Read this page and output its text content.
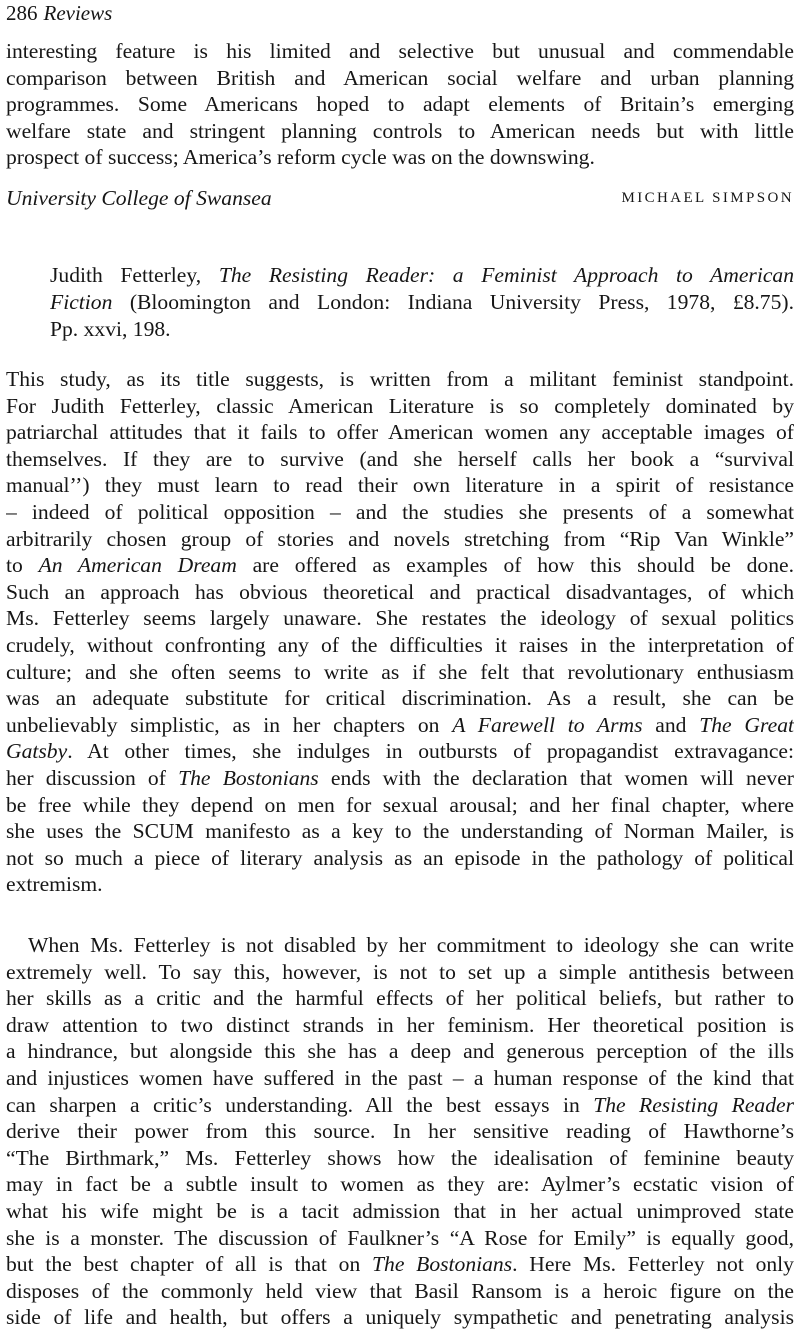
286 Reviews
interesting feature is his limited and selective but unusual and commendable
comparison between British and American social welfare and urban planning
programmes. Some Americans hoped to adapt elements of Britain’s emerging
welfare state and stringent planning controls to American needs but with little
prospect of success; America’s reform cycle was on the downswing.
University College of Swansea	MICHAEL SIMPSON
Judith Fetterley, The Resisting Reader: a Feminist Approach to American
Fiction (Bloomington and London: Indiana University Press, 1978, £8.75).
Pp. xxvi, 198.
This study, as its title suggests, is written from a militant feminist standpoint.
For Judith Fetterley, classic American Literature is so completely dominated by
patriarchal attitudes that it fails to offer American women any acceptable images of
themselves. If they are to survive (and she herself calls her book a “survival
manual’’) they must learn to read their own literature in a spirit of resistance
– indeed of political opposition – and the studies she presents of a somewhat
arbitrarily chosen group of stories and novels stretching from “Rip Van Winkle”
to An American Dream are offered as examples of how this should be done.
Such an approach has obvious theoretical and practical disadvantages, of which
Ms. Fetterley seems largely unaware. She restates the ideology of sexual politics
crudely, without confronting any of the difficulties it raises in the interpretation of
culture; and she often seems to write as if she felt that revolutionary enthusiasm
was an adequate substitute for critical discrimination. As a result, she can be
unbelievably simplistic, as in her chapters on A Farewell to Arms and The Great
Gatsby. At other times, she indulges in outbursts of propagandist extravagance:
her discussion of The Bostonians ends with the declaration that women will never
be free while they depend on men for sexual arousal; and her final chapter, where
she uses the SCUM manifesto as a key to the understanding of Norman Mailer, is
not so much a piece of literary analysis as an episode in the pathology of political
extremism.
When Ms. Fetterley is not disabled by her commitment to ideology she can write
extremely well. To say this, however, is not to set up a simple antithesis between
her skills as a critic and the harmful effects of her political beliefs, but rather to
draw attention to two distinct strands in her feminism. Her theoretical position is
a hindrance, but alongside this she has a deep and generous perception of the ills
and injustices women have suffered in the past – a human response of the kind that
can sharpen a critic’s understanding. All the best essays in The Resisting Reader
derive their power from this source. In her sensitive reading of Hawthorne’s
“The Birthmark,” Ms. Fetterley shows how the idealisation of feminine beauty
may in fact be a subtle insult to women as they are: Aylmer’s ecstatic vision of
what his wife might be is a tacit admission that in her actual unimproved state
she is a monster. The discussion of Faulkner’s “A Rose for Emily” is equally good,
but the best chapter of all is that on The Bostonians. Here Ms. Fetterley not only
disposes of the commonly held view that Basil Ransom is a heroic figure on the
side of life and health, but offers a uniquely sympathetic and penetrating analysis
